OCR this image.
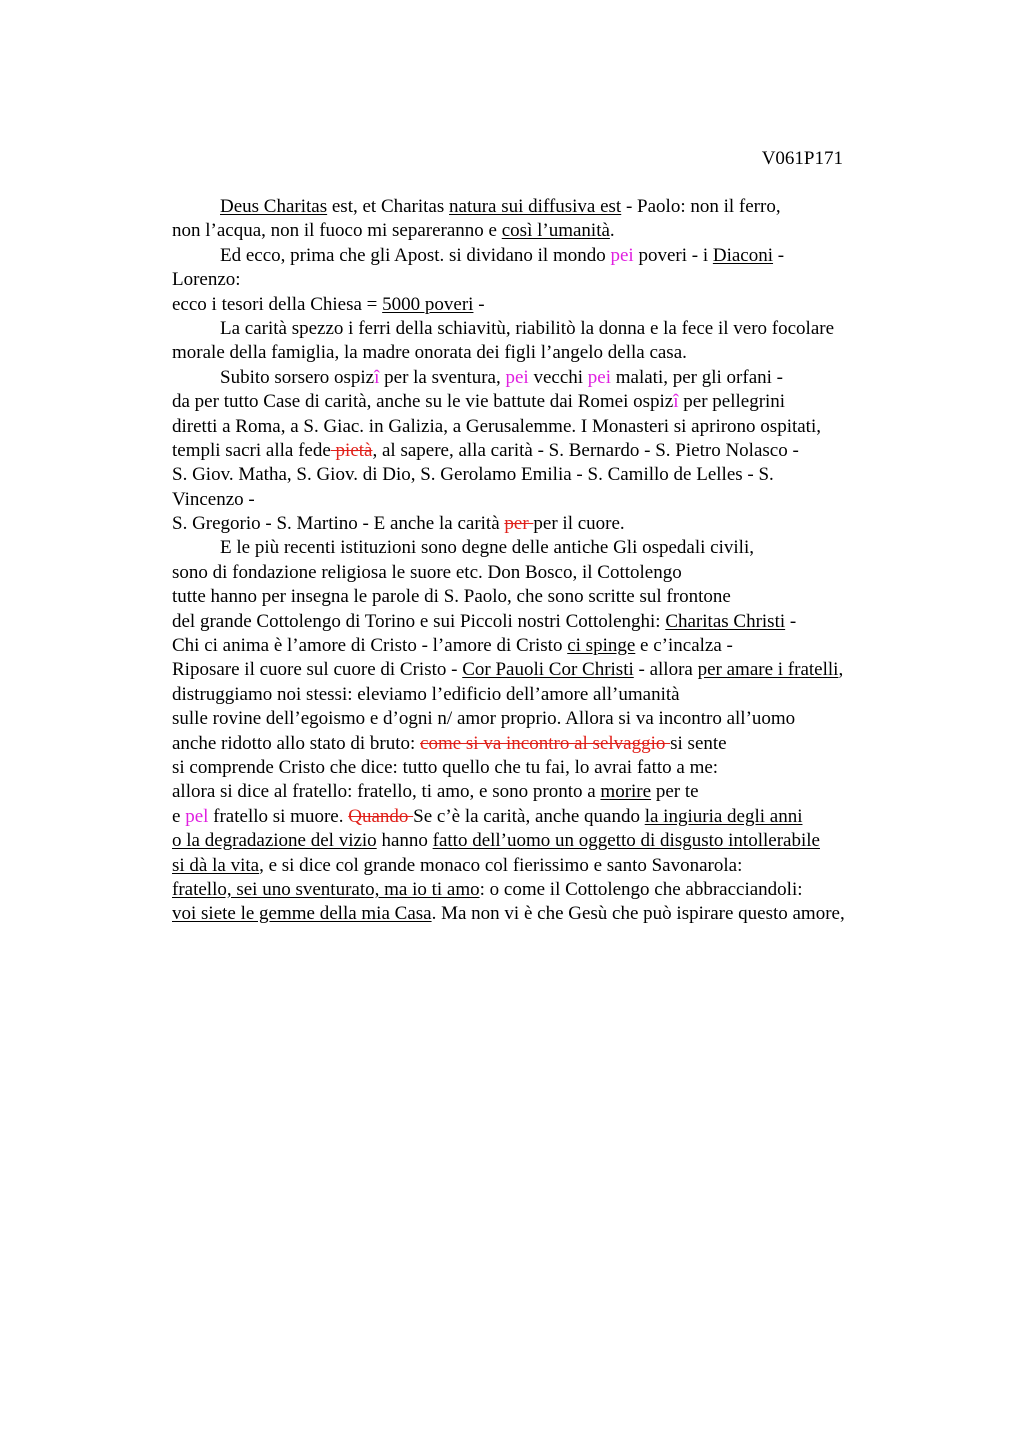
V061P171
Deus Charitas est, et Charitas natura sui diffusiva est - Paolo: non il ferro,
non l’acqua, non il fuoco mi separeranno e così l’umanità.
Ed ecco, prima che gli Apost. si dividano il mondo pei poveri - i Diaconi -
Lorenzo:
ecco i tesori della Chiesa = 5000 poveri -
La carità spezzo i ferri della schiavitù, riabilitò la donna e la fece il vero focolare
morale della famiglia, la madre onorata dei figli l’angelo della casa.
Subito sorsero ospizî per la sventura, pei vecchi pei malati, per gli orfani -
da per tutto Case di carità, anche su le vie battute dai Romei ospizî per pellegrini
diretti a Roma, a S. Giac. in Galizia, a Gerusalemme. I Monasteri si aprirono ospitati,
templi sacri alla fede pietà, al sapere, alla carità - S. Bernardo - S. Pietro Nolasco -
S. Giov. Matha, S. Giov. di Dio, S. Gerolamo Emilia - S. Camillo de Lelles - S.
Vincenzo -
S. Gregorio - S. Martino - E anche la carità per per il cuore.
E le più recenti istituzioni sono degne delle antiche Gli ospedali civili,
sono di fondazione religiosa le suore etc. Don Bosco, il Cottolengo
tutte hanno per insegna le parole di S. Paolo, che sono scritte sul frontone
del grande Cottolengo di Torino e sui Piccoli nostri Cottolenghi: Charitas Christi -
Chi ci anima è l’amore di Cristo - l’amore di Cristo ci spinge e c’incalza -
Riposare il cuore sul cuore di Cristo - Cor Pauoli Cor Christi - allora per amare i fratelli,
distruggiamo noi stessi: eleviamo l’edificio dell’amore all’umanità
sulle rovine dell’egoismo e d’ogni n/ amor proprio. Allora si va incontro all’uomo
anche ridotto allo stato di bruto: come si va incontro al selvaggio si sente
si comprende Cristo che dice: tutto quello che tu fai, lo avrai fatto a me:
allora si dice al fratello: fratello, ti amo, e sono pronto a morire per te
e pel fratello si muore. Quando Se c’è la carità, anche quando la ingiuria degli anni
o la degradazione del vizio hanno fatto dell’uomo un oggetto di disgusto intollerabile
si dà la vita, e si dice col grande monaco col fierissimo e santo Savonarola:
fratello, sei uno sventurato, ma io ti amo: o come il Cottolengo che abbracciandoli:
voi siete le gemme della mia Casa. Ma non vi è che Gesù che può ispirare questo amore,
